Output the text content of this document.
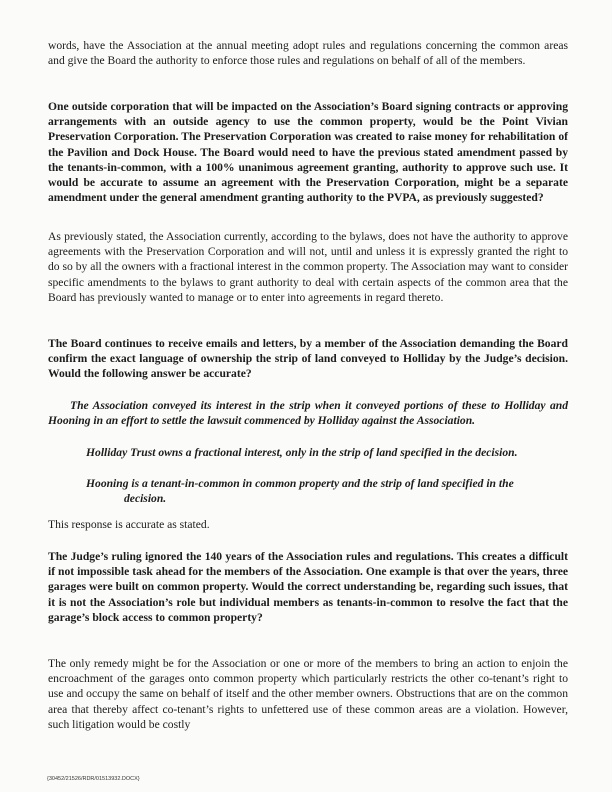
words, have the Association at the annual meeting adopt rules and regulations concerning the common areas and give the Board the authority to enforce those rules and regulations on behalf of all of the members.

One outside corporation that will be impacted on the Association’s Board signing contracts or approving arrangements with an outside agency to use the common property, would be the Point Vivian Preservation Corporation. The Preservation Corporation was created to raise money for rehabilitation of the Pavilion and Dock House. The Board would need to have the previous stated amendment passed by the tenants-in-common, with a 100% unanimous agreement granting, authority to approve such use. It would be accurate to assume an agreement with the Preservation Corporation, might be a separate amendment under the general amendment granting authority to the PVPA, as previously suggested?

As previously stated, the Association currently, according to the bylaws, does not have the authority to approve agreements with the Preservation Corporation and will not, until and unless it is expressly granted the right to do so by all the owners with a fractional interest in the common property. The Association may want to consider specific amendments to the bylaws to grant authority to deal with certain aspects of the common area that the Board has previously wanted to manage or to enter into agreements in regard thereto.

The Board continues to receive emails and letters, by a member of the Association demanding the Board confirm the exact language of ownership the strip of land conveyed to Holliday by the Judge’s decision. Would the following answer be accurate?

The Association conveyed its interest in the strip when it conveyed portions of these to Holliday and Hooning in an effort to settle the lawsuit commenced by Holliday against the Association.

Holliday Trust owns a fractional interest, only in the strip of land specified in the decision.

Hooning is a tenant-in-common in common property and the strip of land specified in the decision.

This response is accurate as stated.

The Judge’s ruling ignored the 140 years of the Association rules and regulations. This creates a difficult if not impossible task ahead for the members of the Association. One example is that over the years, three garages were built on common property. Would the correct understanding be, regarding such issues, that it is not the Association’s role but individual members as tenants-in-common to resolve the fact that the garage’s block access to common property?

The only remedy might be for the Association or one or more of the members to bring an action to enjoin the encroachment of the garages onto common property which particularly restricts the other co-tenant’s right to use and occupy the same on behalf of itself and the other member owners. Obstructions that are on the common area that thereby affect co-tenant’s rights to unfettered use of these common areas are a violation. However, such litigation would be costly

{30452/21526/RDR/01513932.DOCX}
